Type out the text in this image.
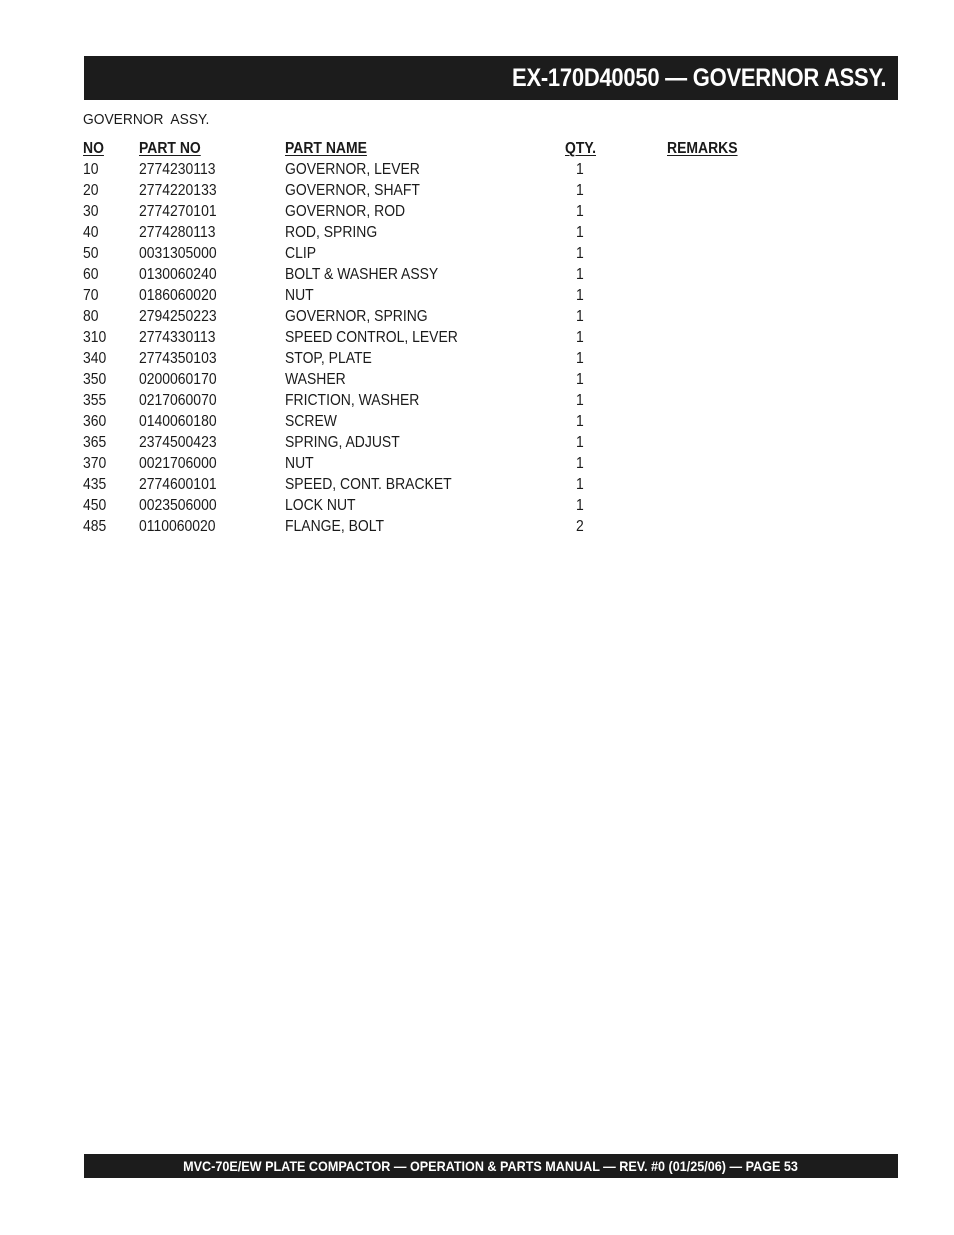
EX-170D40050 — GOVERNOR ASSY.
GOVERNOR  ASSY.
NO PART NO	PART NAME	QTY.	REMARKS
10	2774230113	GOVERNOR, LEVER	1
20	2774220133	GOVERNOR, SHAFT	1
30	2774270101	GOVERNOR, ROD	1
40	2774280113	ROD, SPRING	1
50	0031305000	CLIP	1
60	0130060240	BOLT & WASHER ASSY	1
70	0186060020	NUT	1
80	2794250223	GOVERNOR, SPRING	1
310 2774330113	SPEED CONTROL, LEVER	1
340 2774350103	STOP, PLATE	1
350 0200060170	WASHER	1
355 0217060070	FRICTION, WASHER	1
360 0140060180	SCREW	1
365 2374500423	SPRING, ADJUST	1
370 0021706000	NUT	1
435 2774600101	SPEED, CONT. BRACKET	1
450 0023506000	LOCK NUT	1
485 0110060020	FLANGE, BOLT	2
MVC-70E/EW PLATE COMPACTOR — OPERATION & PARTS MANUAL — REV. #0 (01/25/06) — PAGE 53
